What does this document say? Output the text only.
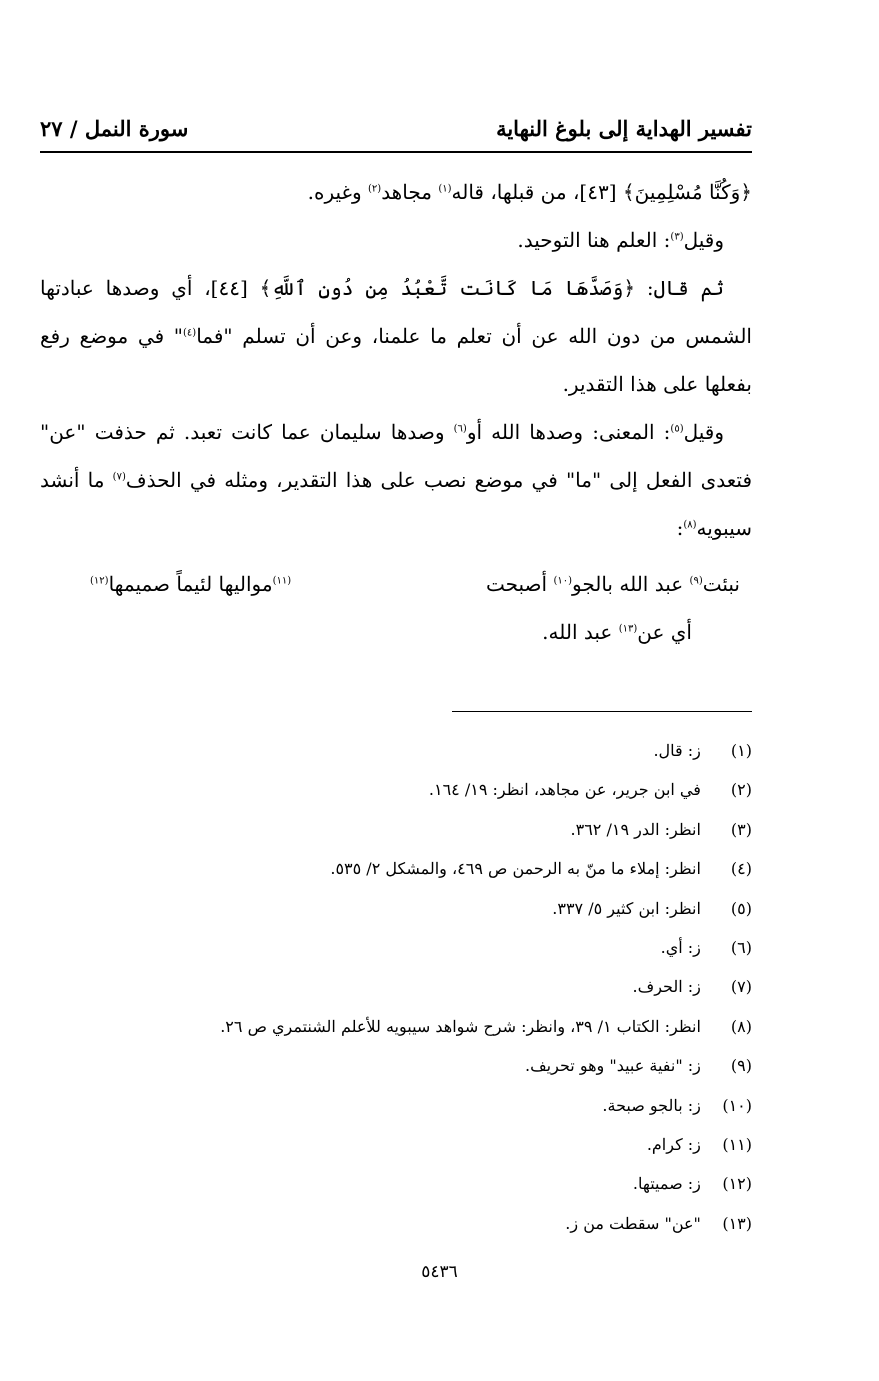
تفسير الهداية إلى بلوغ النهاية
سورة النمل / ٢٧

﴿وَكُنَّا مُسْلِمِينَ﴾ [٤٣]، من قبلها، قاله$^{(١)}$ مجاهد$^{(٢)}$ وغيره.

وقيل$^{(٣)}$: العلم هنا التوحيد.

ثم قال: ﴿وَصَدَّهَا مَا كَانَت تَّعْبُدُ مِن دُونِ ٱللَّهِ﴾ [٤٤]، أي وصدها عبادتها الشمس من دون الله عن أن تعلم ما علمنا، وعن أن تسلم "فما$^{(٤)}$" في موضع رفع بفعلها على هذا التقدير.

وقيل$^{(٥)}$: المعنى: وصدها الله أو$^{(٦)}$ وصدها سليمان عما كانت تعبد. ثم حذفت "عن" فتعدى الفعل إلى "ما" في موضع نصب على هذا التقدير، ومثله في الحذف$^{(٧)}$ ما أنشد سيبويه$^{(٨)}$:

نبئت$^{(٩)}$ عبد الله بالجو$^{(١٠)}$ أصبحت
$^{(١١)}$مواليها لئيماً صميمها$^{(١٢)}$

أي عن$^{(١٣)}$ عبد الله.

(١) ز: قال.
(٢) في ابن جرير، عن مجاهد، انظر: ١٩/ ١٦٤.
(٣) انظر: الدر ١٩/ ٣٦٢.
(٤) انظر: إملاء ما منّ به الرحمن ص ٤٦٩، والمشكل ٢/ ٥٣٥.
(٥) انظر: ابن كثير ٥/ ٣٣٧.
(٦) ز: أي.
(٧) ز: الحرف.
(٨) انظر: الكتاب ١/ ٣٩، وانظر: شرح شواهد سيبويه للأعلم الشنتمري ص ٢٦.
(٩) ز: "نفية عبيد" وهو تحريف.
(١٠) ز: بالجو صبحة.
(١١) ز: كرام.
(١٢) ز: صميتها.
(١٣) "عن" سقطت من ز.
٥٤٣٦
